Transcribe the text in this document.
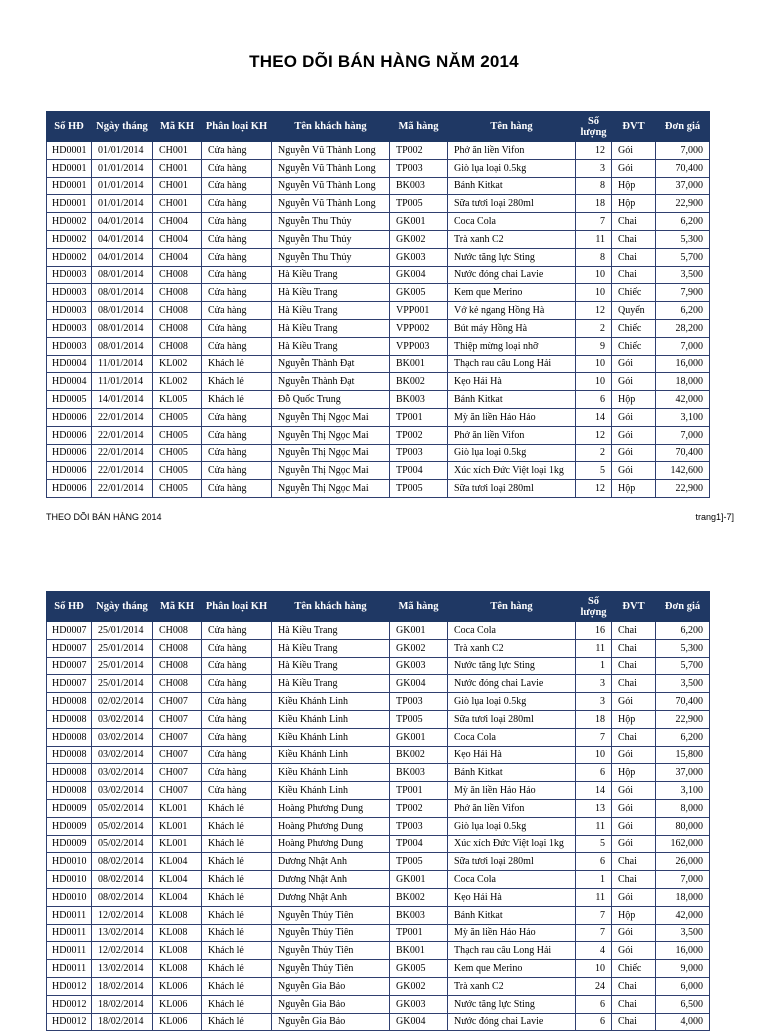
THEO DÕI BÁN HÀNG NĂM 2014
Số HĐ	Ngày tháng	Mã KH	Phân loại KH	Tên khách hàng	Mã hàng	Tên hàng	Số lượng	ĐVT	Đơn giá
HD0001	01/01/2014	CH001	Cửa hàng	Nguyễn Vũ Thành Long	TP002	Phở ăn liền Vifon	12	Gói	7,000
HD0001	01/01/2014	CH001	Cửa hàng	Nguyễn Vũ Thành Long	TP003	Giò lụa loại 0.5kg	3	Gói	70,400
HD0001	01/01/2014	CH001	Cửa hàng	Nguyễn Vũ Thành Long	BK003	Bánh Kitkat	8	Hộp	37,000
HD0001	01/01/2014	CH001	Cửa hàng	Nguyễn Vũ Thành Long	TP005	Sữa tươi loại 280ml	18	Hộp	22,900
HD0002	04/01/2014	CH004	Cửa hàng	Nguyễn Thu Thủy	GK001	Coca Cola	7	Chai	6,200
HD0002	04/01/2014	CH004	Cửa hàng	Nguyễn Thu Thủy	GK002	Trà xanh C2	11	Chai	5,300
HD0002	04/01/2014	CH004	Cửa hàng	Nguyễn Thu Thủy	GK003	Nước tăng lực Sting	8	Chai	5,700
HD0003	08/01/2014	CH008	Cửa hàng	Hà Kiều Trang	GK004	Nước đóng chai Lavie	10	Chai	3,500
HD0003	08/01/2014	CH008	Cửa hàng	Hà Kiều Trang	GK005	Kem que Merino	10	Chiếc	7,900
HD0003	08/01/2014	CH008	Cửa hàng	Hà Kiều Trang	VPP001	Vở kẻ ngang Hồng Hà	12	Quyển	6,200
HD0003	08/01/2014	CH008	Cửa hàng	Hà Kiều Trang	VPP002	Bút máy Hồng Hà	2	Chiếc	28,200
HD0003	08/01/2014	CH008	Cửa hàng	Hà Kiều Trang	VPP003	Thiệp mừng loại nhỡ	9	Chiếc	7,000
HD0004	11/01/2014	KL002	Khách lẻ	Nguyễn Thành Đạt	BK001	Thạch rau câu Long Hải	10	Gói	16,000
HD0004	11/01/2014	KL002	Khách lẻ	Nguyễn Thành Đạt	BK002	Kẹo Hải Hà	10	Gói	18,000
HD0005	14/01/2014	KL005	Khách lẻ	Đỗ Quốc Trung	BK003	Bánh Kitkat	6	Hộp	42,000
HD0006	22/01/2014	CH005	Cửa hàng	Nguyễn Thị Ngọc Mai	TP001	Mỳ ăn liền Hảo Hảo	14	Gói	3,100
HD0006	22/01/2014	CH005	Cửa hàng	Nguyễn Thị Ngọc Mai	TP002	Phở ăn liền Vifon	12	Gói	7,000
HD0006	22/01/2014	CH005	Cửa hàng	Nguyễn Thị Ngọc Mai	TP003	Giò lụa loại 0.5kg	2	Gói	70,400
HD0006	22/01/2014	CH005	Cửa hàng	Nguyễn Thị Ngọc Mai	TP004	Xúc xích Đức Việt loại 1kg	5	Gói	142,600
HD0006	22/01/2014	CH005	Cửa hàng	Nguyễn Thị Ngọc Mai	TP005	Sữa tươi loại 280ml	12	Hộp	22,900
THEO DÕI BÁN HÀNG 2014	trang1]-7]
Số HĐ	Ngày tháng	Mã KH	Phân loại KH	Tên khách hàng	Mã hàng	Tên hàng	Số lượng	ĐVT	Đơn giá
HD0007	25/01/2014	CH008	Cửa hàng	Hà Kiều Trang	GK001	Coca Cola	16	Chai	6,200
HD0007	25/01/2014	CH008	Cửa hàng	Hà Kiều Trang	GK002	Trà xanh C2	11	Chai	5,300
HD0007	25/01/2014	CH008	Cửa hàng	Hà Kiều Trang	GK003	Nước tăng lực Sting	1	Chai	5,700
HD0007	25/01/2014	CH008	Cửa hàng	Hà Kiều Trang	GK004	Nước đóng chai Lavie	3	Chai	3,500
HD0008	02/02/2014	CH007	Cửa hàng	Kiều Khánh Linh	TP003	Giò lụa loại 0.5kg	3	Gói	70,400
HD0008	03/02/2014	CH007	Cửa hàng	Kiều Khánh Linh	TP005	Sữa tươi loại 280ml	18	Hộp	22,900
HD0008	03/02/2014	CH007	Cửa hàng	Kiều Khánh Linh	GK001	Coca Cola	7	Chai	6,200
HD0008	03/02/2014	CH007	Cửa hàng	Kiều Khánh Linh	BK002	Kẹo Hải Hà	10	Gói	15,800
HD0008	03/02/2014	CH007	Cửa hàng	Kiều Khánh Linh	BK003	Bánh Kitkat	6	Hộp	37,000
HD0008	03/02/2014	CH007	Cửa hàng	Kiều Khánh Linh	TP001	Mỳ ăn liền Hảo Hảo	14	Gói	3,100
HD0009	05/02/2014	KL001	Khách lẻ	Hoàng Phương Dung	TP002	Phở ăn liền Vifon	13	Gói	8,000
HD0009	05/02/2014	KL001	Khách lẻ	Hoàng Phương Dung	TP003	Giò lụa loại 0.5kg	11	Gói	80,000
HD0009	05/02/2014	KL001	Khách lẻ	Hoàng Phương Dung	TP004	Xúc xích Đức Việt loại 1kg	5	Gói	162,000
HD0010	08/02/2014	KL004	Khách lẻ	Dương Nhật Anh	TP005	Sữa tươi loại 280ml	6	Chai	26,000
HD0010	08/02/2014	KL004	Khách lẻ	Dương Nhật Anh	GK001	Coca Cola	1	Chai	7,000
HD0010	08/02/2014	KL004	Khách lẻ	Dương Nhật Anh	BK002	Kẹo Hải Hà	11	Gói	18,000
HD0011	12/02/2014	KL008	Khách lẻ	Nguyễn Thủy Tiên	BK003	Bánh Kitkat	7	Hộp	42,000
HD0011	13/02/2014	KL008	Khách lẻ	Nguyễn Thủy Tiên	TP001	Mỳ ăn liền Hảo Hảo	7	Gói	3,500
HD0011	12/02/2014	KL008	Khách lẻ	Nguyễn Thủy Tiên	BK001	Thạch rau câu Long Hải	4	Gói	16,000
HD0011	13/02/2014	KL008	Khách lẻ	Nguyễn Thủy Tiên	GK005	Kem que Merino	10	Chiếc	9,000
HD0012	18/02/2014	KL006	Khách lẻ	Nguyễn Gia Bảo	GK002	Trà xanh C2	24	Chai	6,000
HD0012	18/02/2014	KL006	Khách lẻ	Nguyễn Gia Bảo	GK003	Nước tăng lực Sting	6	Chai	6,500
HD0012	18/02/2014	KL006	Khách lẻ	Nguyễn Gia Bảo	GK004	Nước đóng chai Lavie	6	Chai	4,000
